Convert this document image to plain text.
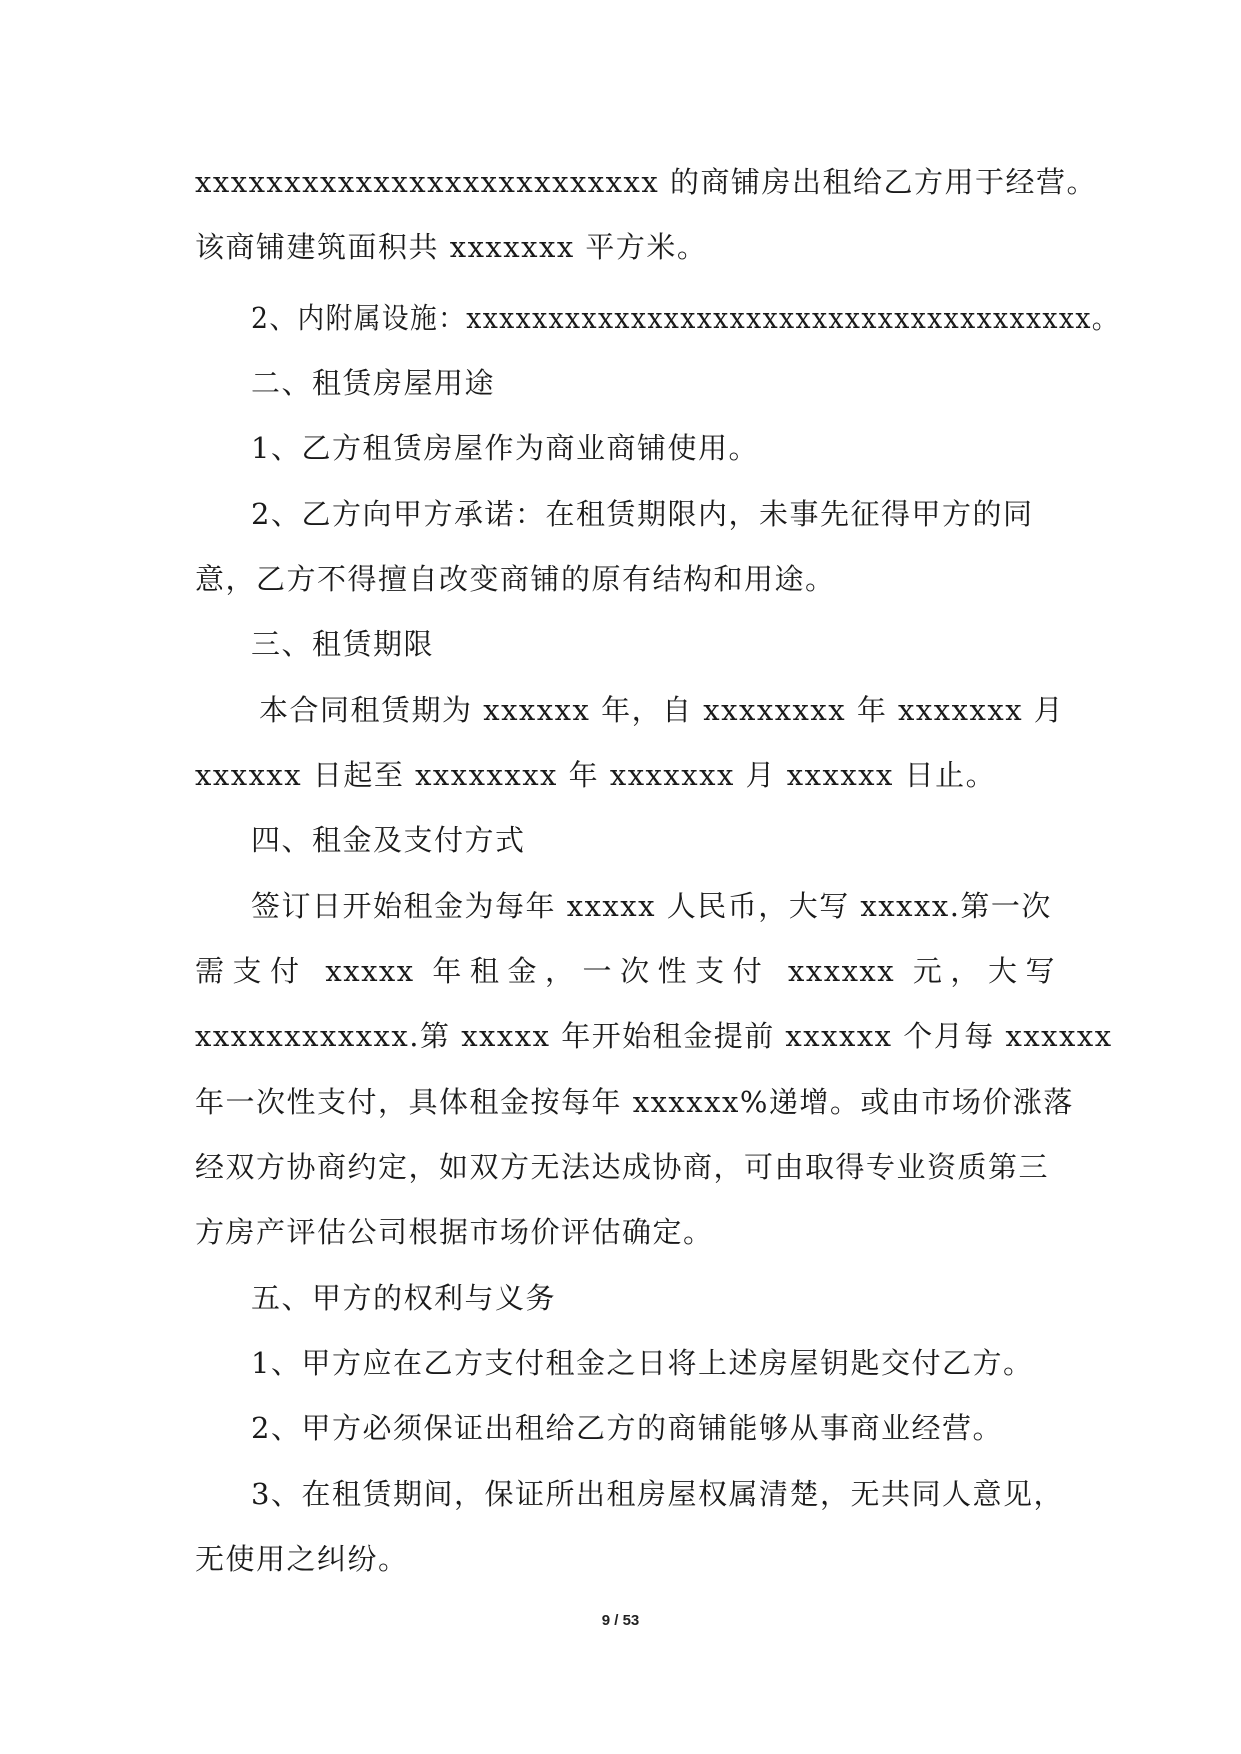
xxxxxxxxxxxxxxxxxxxxxxxxxx 的商铺房出租给乙方用于经营。

该商铺建筑面积共 xxxxxxx 平方米。

2、内附属设施：xxxxxxxxxxxxxxxxxxxxxxxxxxxxxxxxxxxxxx。

二、租赁房屋用途

1、乙方租赁房屋作为商业商铺使用。

2、乙方向甲方承诺：在租赁期限内，未事先征得甲方的同

意，乙方不得擅自改变商铺的原有结构和用途。

三、租赁期限

本合同租赁期为 xxxxxx 年，自 xxxxxxxx 年 xxxxxxx 月

xxxxxx 日起至 xxxxxxxx 年 xxxxxxx 月 xxxxxx 日止。

四、租金及支付方式

签订日开始租金为每年 xxxxx 人民币，大写 xxxxx.第一次

需支付 xxxxx 年租金，一次性支付 xxxxxx 元，大写

xxxxxxxxxxxx.第 xxxxx 年开始租金提前 xxxxxx 个月每 xxxxxx

年一次性支付，具体租金按每年 xxxxxx%递增。或由市场价涨落

经双方协商约定，如双方无法达成协商，可由取得专业资质第三

方房产评估公司根据市场价评估确定。

五、甲方的权利与义务

1、甲方应在乙方支付租金之日将上述房屋钥匙交付乙方。

2、甲方必须保证出租给乙方的商铺能够从事商业经营。

3、在租赁期间，保证所出租房屋权属清楚，无共同人意见，

无使用之纠纷。

9 / 53
